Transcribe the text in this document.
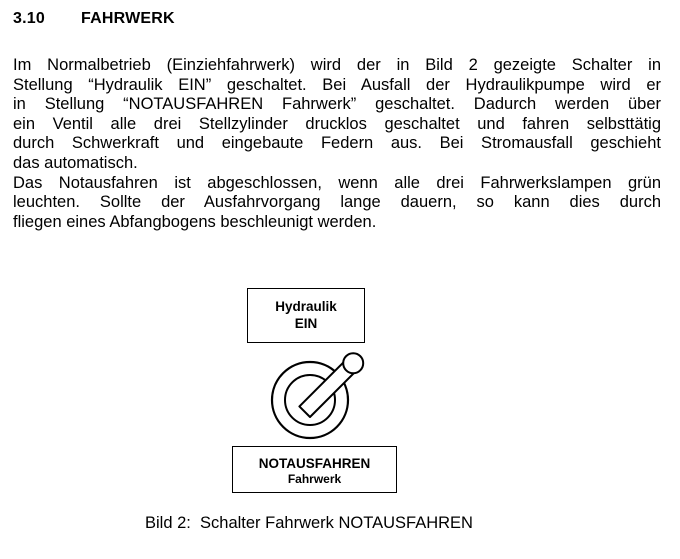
3.10 FAHRWERK

Im Normalbetrieb (Einziehfahrwerk) wird der in Bild 2 gezeigte Schalter in

Stellung “Hydraulik EIN” geschaltet. Bei Ausfall der Hydraulikpumpe wird er

in Stellung “NOTAUSFAHREN Fahrwerk” geschaltet. Dadurch werden über

ein Ventil alle drei Stellzylinder drucklos geschaltet und fahren selbsttätig

durch Schwerkraft und eingebaute Federn aus. Bei Stromausfall geschieht

das automatisch.

Das Notausfahren ist abgeschlossen, wenn alle drei Fahrwerkslampen grün

leuchten. Sollte der Ausfahrvorgang lange dauern, so kann dies durch

fliegen eines Abfangbogens beschleunigt werden.

Hydraulik
EIN
NOTAUSFAHREN
Fahrwerk
Bild 2:  Schalter Fahrwerk NOTAUSFAHREN
